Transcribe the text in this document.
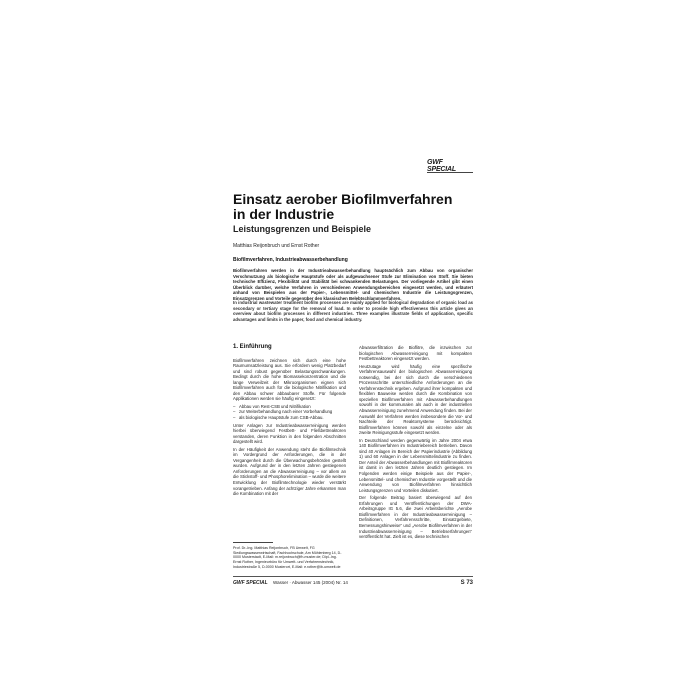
GWF SPECIAL
Einsatz aerober Biofilmverfahren
in der Industrie
Leistungsgrenzen und Beispiele
Matthias Reijonbruch und Ernst Rother
Biofilmverfahren, Industrieabwasserbehandlung

Biofilmverfahren werden in der Industrieabwasserbehandlung hauptsächlich zum Abbau von organischer Verschmutzung als biologische Hauptstufe oder als aufgewachsener Stufe zur Elimination von Stoff. Sie bieten technische Effizienz, Flexibilität und Stabilität bei schwankenden Belastungen. Der vorliegende Artikel gibt einen Überblick darüber, welche Verfahren in verschiedenen Anwendungsbereichen eingesetzt werden, und erläutert anhand von Beispielen aus der Papier-, Lebensmittel- und chemischen Industrie die Leistungsgrenzen, Einsatzgrenzen und Vorteile gegenüber den klassischen Belebtschlammverfahren.

In industrial wastewater treatment biofilm processes are mainly applied for biological degradation of organic load as secondary or tertiary stage for the removal of load. In order to provide high effectiveness this article gives an overview about biofilm processes in different industries. Three examples illustrate fields of application, specific advantages and limits in the paper, food and chemical industry.

1. Einführung

Biofilmverfahren zeichnen sich durch eine hohe Raumumsatzleistung aus. Sie erfordern wenig Platzbedarf und sind robust gegenüber Belastungsschwankungen. Bedingt durch die hohe Biomassekonzentration und die lange Verweilzeit der Mikroorganismen eignen sich Biofilmverfahren auch für die biologische Nitrifikation und den Abbau schwer abbaubarer Stoffe. Für folgende Applikationen werden sie häufig eingesetzt:

– Abbau von Rest-CSB und Nitrifikation
– zur Weiterbehandlung nach einer Vorbehandlung
– als biologische Hauptstufe zum CSB-Abbau.

Unter Anlagen zur Industrieabwasserreinigung werden hierbei überwiegend Festbett- und Fließbettreaktoren verstanden, deren Funktion in den folgenden Abschnitten dargestellt wird.

In der Häufigkeit der Anwendung steht die Biofilmtechnik im Vordergrund der Anforderungen, die in der Vergangenheit durch die Überwachungsbehörden gestellt wurden. Aufgrund der in den letzten Jahren gestiegenen Anforderungen an die Abwasserreinigung – vor allem an die Stickstoff- und Phosphorelimination – wurde die weitere Entwicklung der Biofilmtechnologie wieder verstärkt vorangetrieben. Anfang der achtziger Jahre erkannten man die Kombination mit der

Abwasserfiltration die Bioflitre, die inzwischen zur biologischen Abwasserreinigung mit kompakten Festbettreaktoren eingesetzt werden.

Heutzutage wird häufig eine spezifische Verfahrensauswahl der biologischen Abwasserreinigung notwendig, bei der sich durch die verschiedenen Prozessschritte unterschiedliche Anforderungen an die Verfahrenstechnik ergeben. Aufgrund ihrer kompakten und flexiblen Bauweise werden durch die Kombination von speziellen Biofilmverfahren mit Abwasserbehandlungen sowohl in der kommunalen als auch in der industriellen Abwasserreinigung zunehmend Anwendung finden. Bei der Auswahl der Verfahren werden insbesondere die Vor- und Nachteile der Reaktorsysteme berücksichtigt. Biofilmverfahren können sowohl als einzelne oder als zweite Reinigungsstufe eingesetzt werden.

In Deutschland werden gegenwärtig im Jahre 2004 etwa 140 Biofilmverfahren im Industriebereich betrieben. Davon sind 40 Anlagen im Bereich der Papierindustrie (Abbildung 1) und 60 Anlagen in der Lebensmittelindustrie zu finden. Der Anteil der Abwasserbehandlungen mit Biofilmreaktoren ist damit in den letzten Jahren deutlich gestiegen. Im Folgenden werden einige Beispiele aus der Papier-, Lebensmittel- und chemischen Industrie vorgestellt und die Anwendung von Biofilmverfahren hinsichtlich Leistungsgrenzen und Vorteilen diskutiert.

Der folgende Beitrag basiert überwiegend auf den Erfahrungen und Veröffentlichungen der DWA-Arbeitsgruppe IG 5.6, die zwei Arbeitsberichte „Aerobe Biofilmverfahren in der Industrieabwasserreinigung – Definitionen, Verfahrensschritte, Einsatzgebiete, Bemessungshinweise“ und „Aerobe Biofilmverfahren in der Industrieabwasserreinigung – Betriebserfahrungen“ veröffentlicht hat. Zielt ist es, diese technischen

Prof. Dr.-Ing. Matthias Reijonbruch, FB Umwelt, FG Siedlungswasserwirtschaft, Fachhochschule, Am Mühlenberg 14, D-0000 Musterstadt, E-Mail: m.reijonbruch@fh-muster.de; Dipl.-Ing. Ernst Rother, Ingenieurbüro für Umwelt- und Verfahrenstechnik, Industriestraße 5, D-0000 Musterort, E-Mail: e.rother@ib-umwelt.de

GWF SPECIAL Wasser · Abwasser 145 (2004) Nr. 14	S 73
